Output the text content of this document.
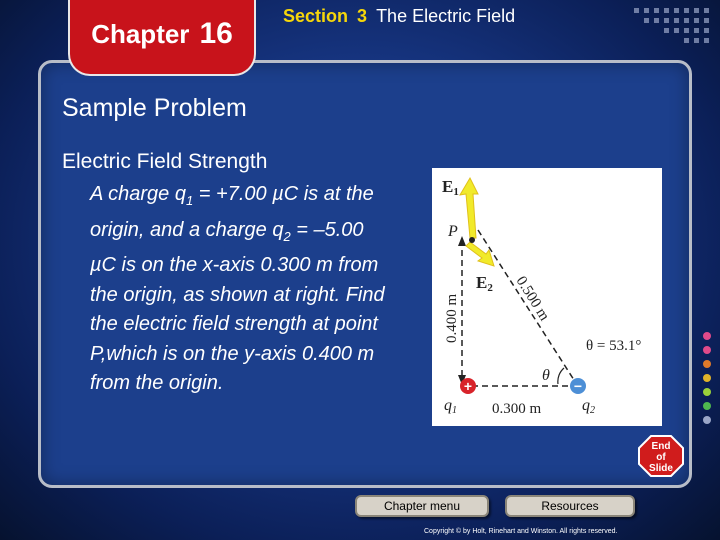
Chapter 16
Section 3 The Electric Field
Sample Problem
Electric Field Strength
A charge $q_1 = +7.00$ µC is at the origin, and a charge $q_2 = -5.00$ µC is on the x-axis 0.300 m from the origin, as shown at right. Find the electric field strength at point P,which is on the y-axis 0.400 m from the origin.	+	−
E1
P
E2
0.400 m	0.500 m
θ = 53.1°
θ
0.300 m
q1	q2
End
of
Slide
Chapter menu	Resources
Copyright © by Holt, Rinehart and Winston. All rights reserved.
